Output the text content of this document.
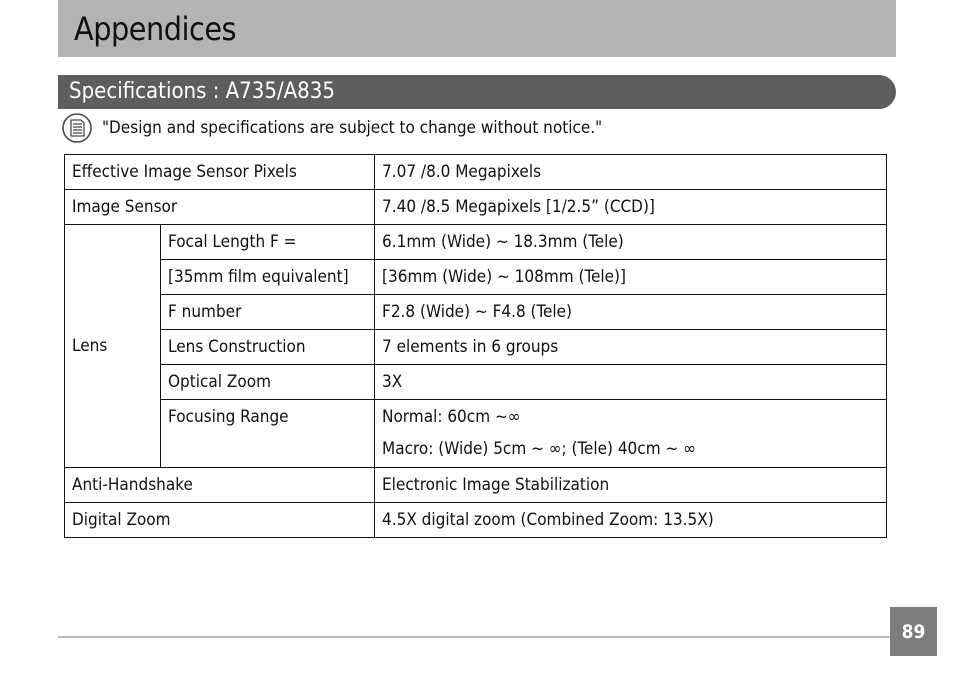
Appendices
Specifications : A735/A835
"Design and specifications are subject to change without notice."
Effective Image Sensor Pixels		7.07 /8.0 Megapixels
Image Sensor		7.40 /8.5 Megapixels [1/2.5” (CCD)]
Lens	Focal Length F =	6.1mm (Wide) ~ 18.3mm (Tele)
	[35mm film equivalent]	[36mm (Wide) ~ 108mm (Tele)]
	F number	F2.8 (Wide) ~ F4.8 (Tele)
	Lens Construction	7 elements in 6 groups
	Optical Zoom	3X

	Focusing Range	Normal: 60cm ~∞
Macro: (Wide) 5cm ~ ∞; (Tele) 40cm ~ ∞

Anti-Handshake		Electronic Image Stabilization
Digital Zoom		4.5X digital zoom (Combined Zoom: 13.5X)
89
